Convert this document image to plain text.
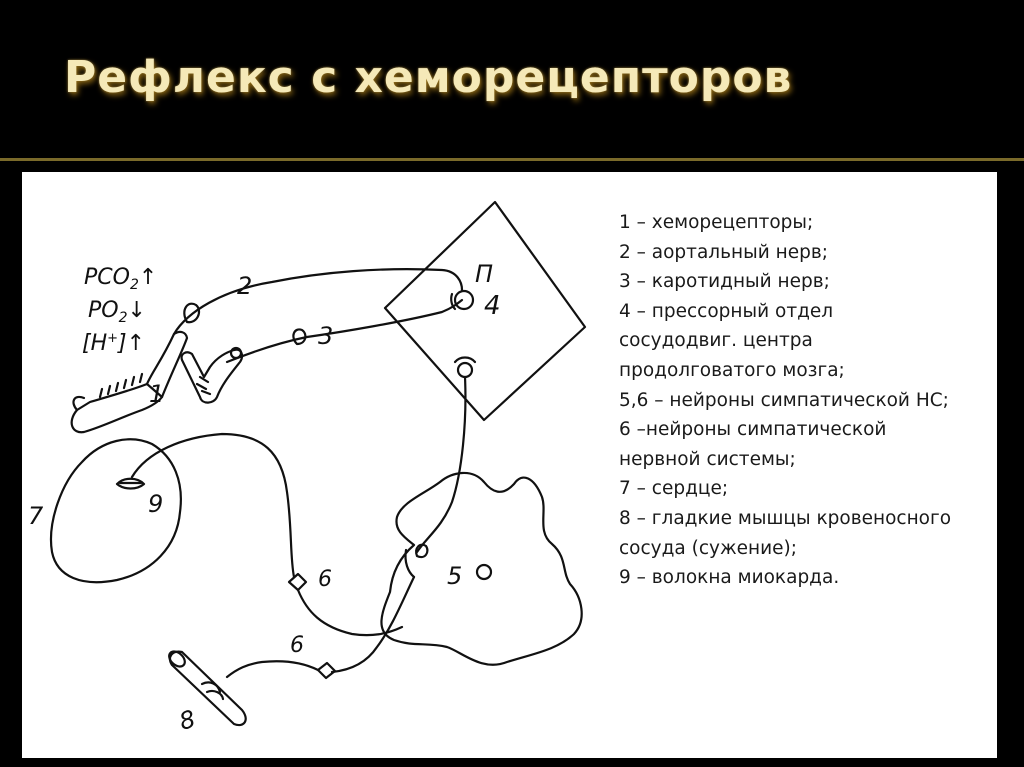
Рефлекс с хеморецепторов
$PCO_2↑$
$PO_2↓$
[H+]↑
1
2
3
П
4
5
6
6
7
8
9
1 – хеморецепторы;
2 – аортальный нерв;
3 – каротидный нерв;
4 – прессорный отдел
сосудодвиг. центра
продолговатого мозга;
5,6 – нейроны симпатической НС;
6 –нейроны симпатической
нервной системы;
7 – сердце;
8 – гладкие мышцы кровеносного
сосуда (сужение);
9 – волокна миокарда.
